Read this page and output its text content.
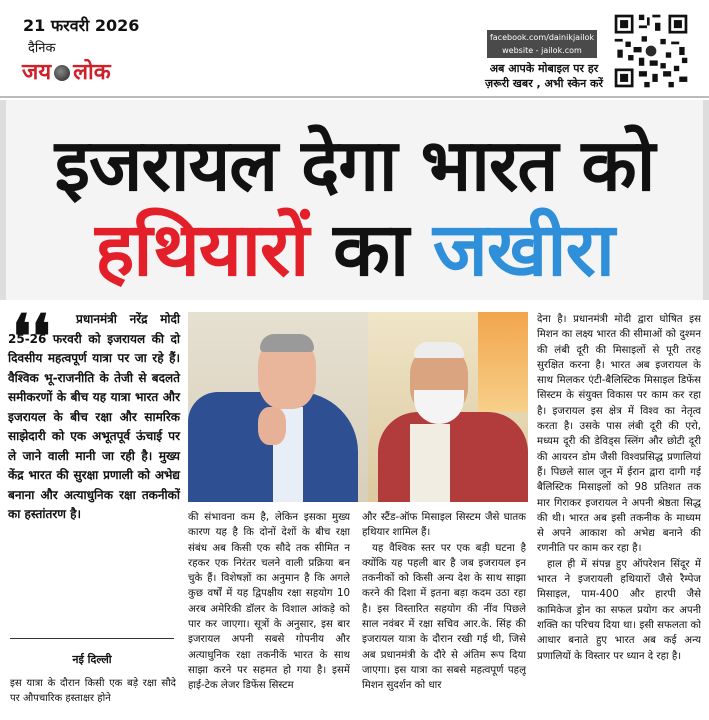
21 फरवरी 2026
दैनिक
जय लोक
facebook.com/dainikjailok
website - jailok.com
अब आपके मोबाइल पर हर
ज़रूरी खबर , अभी स्केन करें
इजरायल देगा भारत को
हथियारों का जखीरा
❛❛	प्रधानमंत्री नरेंद्र मोदी 25-26 फरवरी को इजरायल की दो दिवसीय महत्वपूर्ण यात्रा पर जा रहे हैं। वैश्विक भू-राजनीति के तेजी से बदलते समीकरणों के बीच यह यात्रा भारत और इजरायल के बीच रक्षा और सामरिक साझेदारी को एक अभूतपूर्व ऊंचाई पर ले जाने वाली मानी जा रही है। मुख्य केंद्र भारत की सुरक्षा प्रणाली को अभेद्य बनाना और अत्याधुनिक रक्षा तकनीकों का हस्तांतरण है।
नई दिल्ली
इस यात्रा के दौरान किसी एक बड़े रक्षा सौदे पर औपचारिक हस्ताक्षर होने

की संभावना कम है, लेकिन इसका मुख्य कारण यह है कि दोनों देशों के बीच रक्षा संबंध अब किसी एक सौदे तक सीमित न रहकर एक निरंतर चलने वाली प्रक्रिया बन चुके हैं। विशेषज्ञों का अनुमान है कि अगले कुछ वर्षों में यह द्विपक्षीय रक्षा सहयोग 10 अरब अमेरिकी डॉलर के विशाल आंकड़े को पार कर जाएगा। सूत्रों के अनुसार, इस बार इजरायल अपनी सबसे गोपनीय और अत्याधुनिक रक्षा तकनीकें भारत के साथ साझा करने पर सहमत हो गया है। इसमें हाई-टेक लेजर डिफेंस सिस्टम

और स्टैंड-ऑफ मिसाइल सिस्टम जैसे घातक हथियार शामिल हैं।

यह वैश्विक स्तर पर एक बड़ी घटना है क्योंकि यह पहली बार है जब इजरायल इन तकनीकों को किसी अन्य देश के साथ साझा करने की दिशा में इतना बड़ा कदम उठा रहा है। इस विस्तारित सहयोग की नींव पिछले साल नवंबर में रक्षा सचिव आर.के. सिंह की इजरायल यात्रा के दौरान रखी गई थी, जिसे अब प्रधानमंत्री के दौरे से अंतिम रूप दिया जाएगा। इस यात्रा का सबसे महत्वपूर्ण पहलू मिशन सुदर्शन को धार

देना है। प्रधानमंत्री मोदी द्वारा घोषित इस मिशन का लक्ष्य भारत की सीमाओं को दुश्मन की लंबी दूरी की मिसाइलों से पूरी तरह सुरक्षित करना है। भारत अब इजरायल के साथ मिलकर एंटी-बैलिस्टिक मिसाइल डिफेंस सिस्टम के संयुक्त विकास पर काम कर रहा है। इजरायल इस क्षेत्र में विश्व का नेतृत्व करता है। उसके पास लंबी दूरी की एरो, मध्यम दूरी की डेविड्स स्लिंग और छोटी दूरी की आयरन डोम जैसी विश्वप्रसिद्ध प्रणालियां हैं। पिछले साल जून में ईरान द्वारा दागी गई बैलिस्टिक मिसाइलों को 98 प्रतिशत तक मार गिराकर इजरायल ने अपनी श्रेष्ठता सिद्ध की थी। भारत अब इसी तकनीक के माध्यम से अपने आकाश को अभेद्य बनाने की रणनीति पर काम कर रहा है।

हाल ही में संपन्न हुए ऑपरेशन सिंदूर में भारत ने इजरायली हथियारों जैसे रैम्पेज मिसाइल, पाम-400 और हारपी जैसे कामिकेज ड्रोन का सफल प्रयोग कर अपनी शक्ति का परिचय दिया था। इसी सफलता को आधार बनाते हुए भारत अब कई अन्य प्रणालियों के विस्तार पर ध्यान दे रहा है।
